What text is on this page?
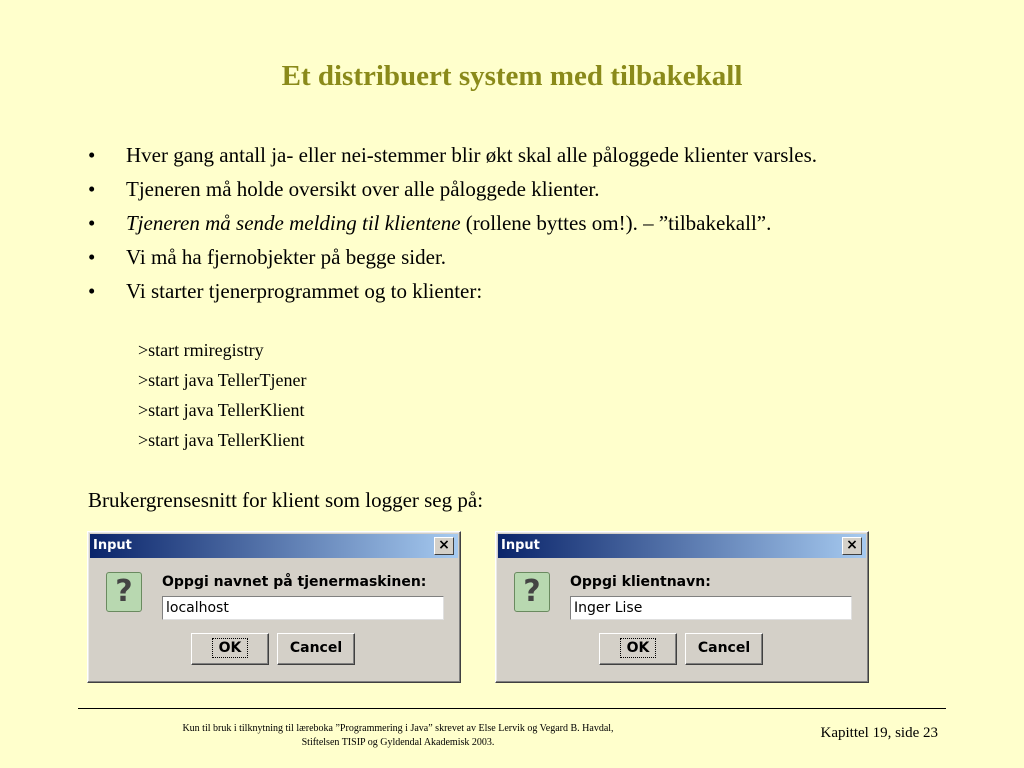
Et distribuert system med tilbakekall
• Hver gang antall ja- eller nei-stemmer blir økt skal alle påloggede klienter varsles.
• Tjeneren må holde oversikt over alle påloggede klienter.
• Tjeneren må sende melding til klientene (rollene byttes om!). – ”tilbakekall”.
• Vi må ha fjernobjekter på begge sider.
• Vi starter tjenerprogrammet og to klienter:
>start rmiregistry
>start java TellerTjener
>start java TellerKlient
>start java TellerKlient
Brukergrensesnitt for klient som logger seg på:
Input	×
?	Oppgi navnet på tjenermaskinen:
localhost
OK	Cancel
Input	×
?	Oppgi klientnavn:
Inger Lise
OK	Cancel
Kun til bruk i tilknytning til læreboka ”Programmering i Java” skrevet av Else Lervik og Vegard B. Havdal,
Stiftelsen TISIP og Gyldendal Akademisk 2003.
Kapittel 19, side 23
